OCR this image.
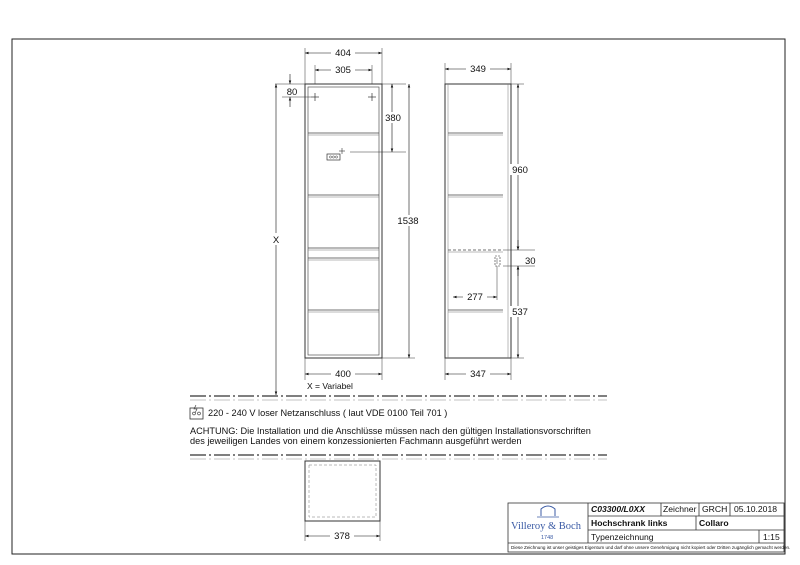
404
305
80
380
1538
X
400
X = Variabel
349
960
30
537
277
347
378
220 - 240 V loser Netzanschluss ( laut VDE 0100 Teil 701 )
ACHTUNG: Die Installation und die Anschlüsse müssen nach den gültigen Installationsvorschriften
des jeweiligen Landes von einem konzessionierten Fachmann ausgeführt werden
Villeroy & Boch
1748
C03300/L0XX Zeichner GRCH 05.10.2018
Hochschrank links	Collaro
Typenzeichnung	1:15
Diese Zeichnung ist unser geistiges Eigentum und darf ohne unsere Genehmigung nicht kopiert oder Dritten zugänglich gemacht werden.
